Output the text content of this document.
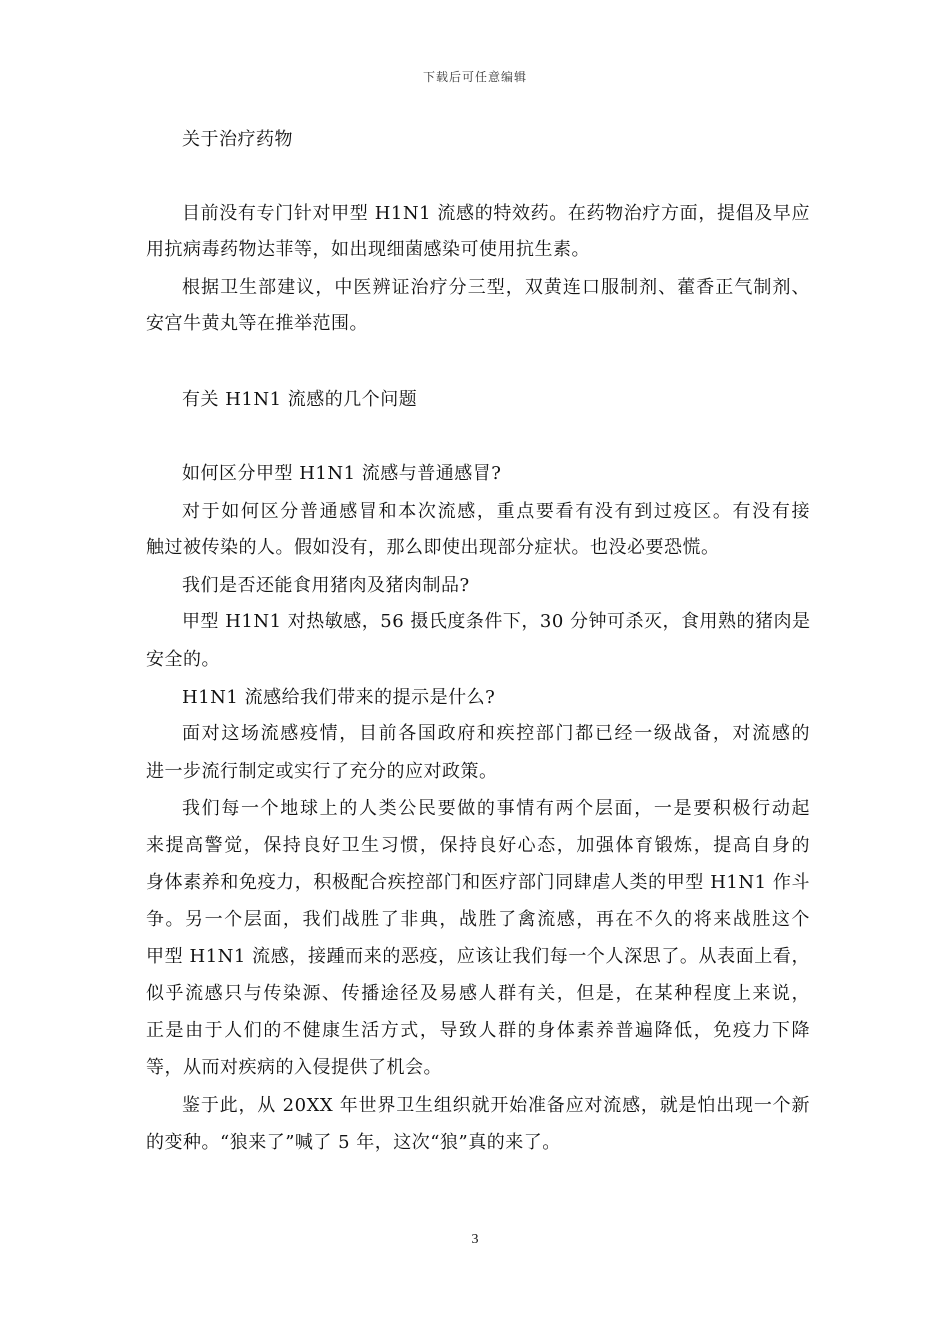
下载后可任意编辑
关于治疗药物
目前没有专门针对甲型 H1N1 流感的特效药。在药物治疗方面，提倡及早应
用抗病毒药物达菲等，如出现细菌感染可使用抗生素。
根据卫生部建议，中医辨证治疗分三型，双黄连口服制剂、藿香正气制剂、
安宫牛黄丸等在推举范围。
有关 H1N1 流感的几个问题
如何区分甲型 H1N1 流感与普通感冒?
对于如何区分普通感冒和本次流感，重点要看有没有到过疫区。有没有接
触过被传染的人。假如没有，那么即使出现部分症状。也没必要恐慌。
我们是否还能食用猪肉及猪肉制品?
甲型 H1N1 对热敏感，56 摄氏度条件下，30 分钟可杀灭，食用熟的猪肉是
安全的。
H1N1 流感给我们带来的提示是什么?
面对这场流感疫情，目前各国政府和疾控部门都已经一级战备，对流感的
进一步流行制定或实行了充分的应对政策。
我们每一个地球上的人类公民要做的事情有两个层面，一是要积极行动起
来提高警觉，保持良好卫生习惯，保持良好心态，加强体育锻炼，提高自身的
身体素养和免疫力，积极配合疾控部门和医疗部门同肆虐人类的甲型 H1N1 作斗
争。另一个层面，我们战胜了非典，战胜了禽流感，再在不久的将来战胜这个
甲型 H1N1 流感，接踵而来的恶疫，应该让我们每一个人深思了。从表面上看，
似乎流感只与传染源、传播途径及易感人群有关，但是，在某种程度上来说，
正是由于人们的不健康生活方式，导致人群的身体素养普遍降低，免疫力下降
等，从而对疾病的入侵提供了机会。
鉴于此，从 20XX 年世界卫生组织就开始准备应对流感，就是怕出现一个新
的变种。“狼来了”喊了 5 年，这次“狼”真的来了。
3
